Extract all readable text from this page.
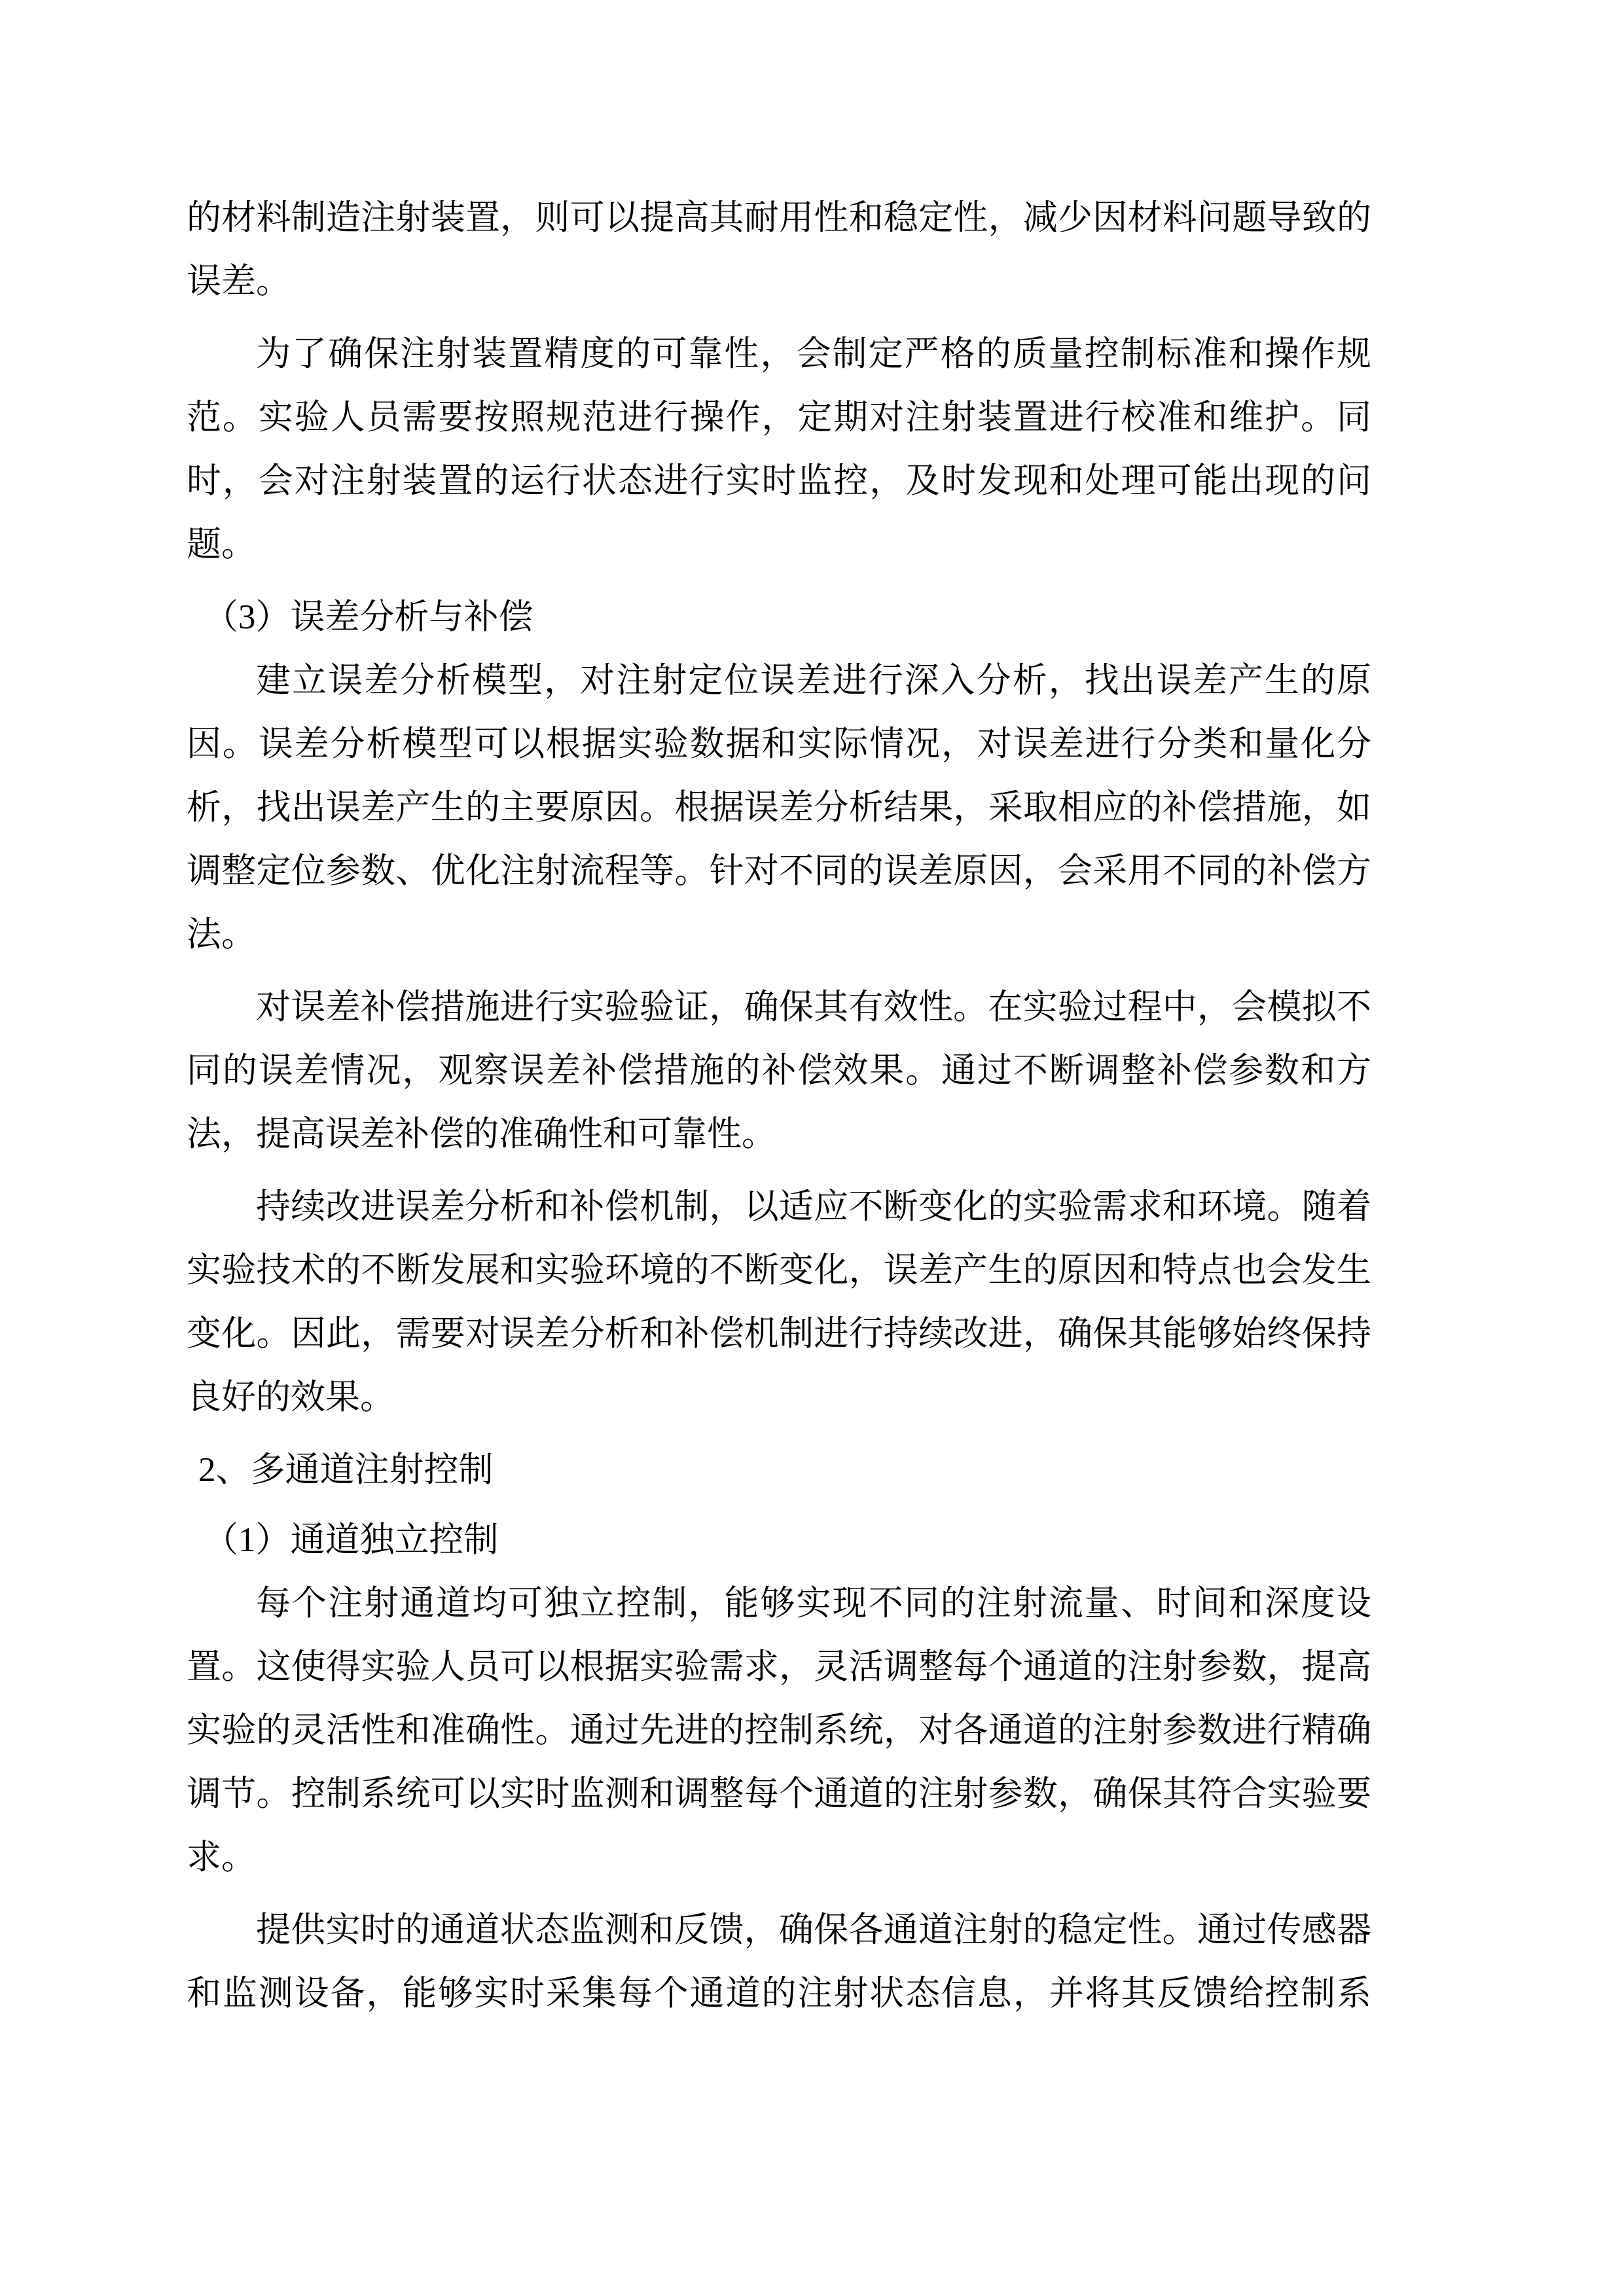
的材料制造注射装置，则可以提高其耐用性和稳定性，减少因材料问题导致的
误差。
为了确保注射装置精度的可靠性，会制定严格的质量控制标准和操作规
范。实验人员需要按照规范进行操作，定期对注射装置进行校准和维护。同
时，会对注射装置的运行状态进行实时监控，及时发现和处理可能出现的问
题。
（3）误差分析与补偿
建立误差分析模型，对注射定位误差进行深入分析，找出误差产生的原
因。误差分析模型可以根据实验数据和实际情况，对误差进行分类和量化分
析，找出误差产生的主要原因。根据误差分析结果，采取相应的补偿措施，如
调整定位参数、优化注射流程等。针对不同的误差原因，会采用不同的补偿方
法。
对误差补偿措施进行实验验证，确保其有效性。在实验过程中，会模拟不
同的误差情况，观察误差补偿措施的补偿效果。通过不断调整补偿参数和方
法，提高误差补偿的准确性和可靠性。
持续改进误差分析和补偿机制，以适应不断变化的实验需求和环境。随着
实验技术的不断发展和实验环境的不断变化，误差产生的原因和特点也会发生
变化。因此，需要对误差分析和补偿机制进行持续改进，确保其能够始终保持
良好的效果。
2、多通道注射控制
（1）通道独立控制
每个注射通道均可独立控制，能够实现不同的注射流量、时间和深度设
置。这使得实验人员可以根据实验需求，灵活调整每个通道的注射参数，提高
实验的灵活性和准确性。通过先进的控制系统，对各通道的注射参数进行精确
调节。控制系统可以实时监测和调整每个通道的注射参数，确保其符合实验要
求。
提供实时的通道状态监测和反馈，确保各通道注射的稳定性。通过传感器
和监测设备，能够实时采集每个通道的注射状态信息，并将其反馈给控制系
